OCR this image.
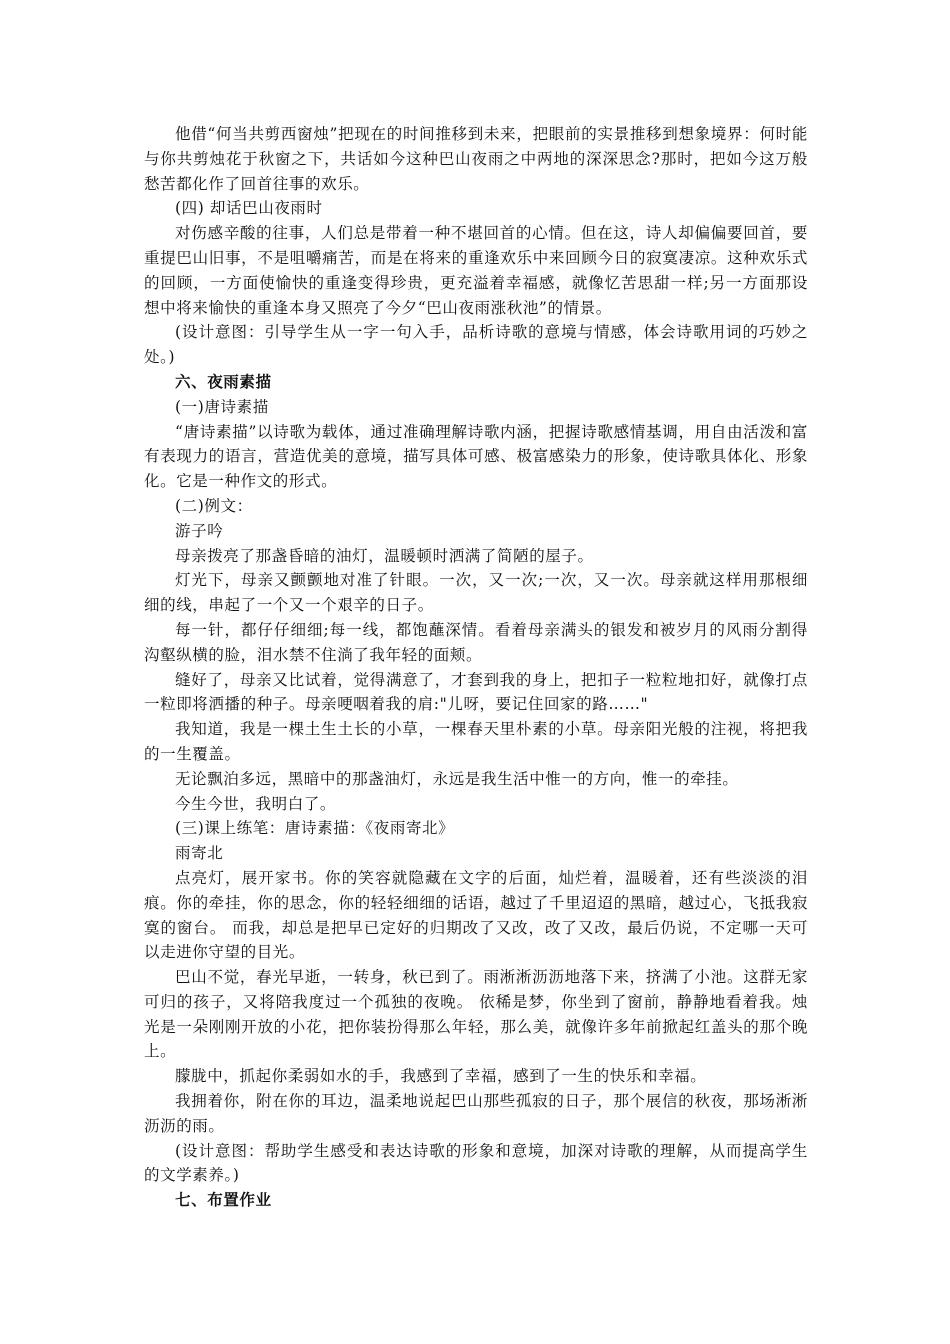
他借“何当共剪西窗烛”把现在的时间推移到未来，把眼前的实景推移到想象境界：何时能与你共剪烛花于秋窗之下，共话如今这种巴山夜雨之中两地的深深思念?那时，把如今这万般愁苦都化作了回首往事的欢乐。

(四) 却话巴山夜雨时

对伤感辛酸的往事，人们总是带着一种不堪回首的心情。但在这，诗人却偏偏要回首，要重提巴山旧事，不是咀嚼痛苦，而是在将来的重逢欢乐中来回顾今日的寂寞凄凉。这种欢乐式的回顾，一方面使愉快的重逢变得珍贵，更充溢着幸福感，就像忆苦思甜一样;另一方面那设想中将来愉快的重逢本身又照亮了今夕“巴山夜雨涨秋池”的情景。

(设计意图：引导学生从一字一句入手，品析诗歌的意境与情感，体会诗歌用词的巧妙之处。)

六、夜雨素描

(一)唐诗素描

“唐诗素描”以诗歌为载体，通过准确理解诗歌内涵，把握诗歌感情基调，用自由活泼和富有表现力的语言，营造优美的意境，描写具体可感、极富感染力的形象，使诗歌具体化、形象化。它是一种作文的形式。

(二)例文：

游子吟

母亲拨亮了那盏昏暗的油灯，温暖顿时洒满了简陋的屋子。

灯光下，母亲又颤颤地对准了针眼。一次，又一次;一次，又一次。母亲就这样用那根细细的线，串起了一个又一个艰辛的日子。

每一针，都仔仔细细;每一线，都饱蘸深情。看着母亲满头的银发和被岁月的风雨分割得沟壑纵横的脸，泪水禁不住淌了我年轻的面颊。

缝好了，母亲又比试着，觉得满意了，才套到我的身上，把扣子一粒粒地扣好，就像打点一粒即将洒播的种子。母亲哽咽着我的肩:"儿呀，要记住回家的路……"

我知道，我是一棵土生土长的小草，一棵春天里朴素的小草。母亲阳光般的注视，将把我的一生覆盖。

无论飘泊多远，黑暗中的那盏油灯，永远是我生活中惟一的方向，惟一的牵挂。

今生今世，我明白了。

(三)课上练笔：唐诗素描：《夜雨寄北》

雨寄北

点亮灯，展开家书。你的笑容就隐藏在文字的后面，灿烂着，温暖着，还有些淡淡的泪痕。你的牵挂，你的思念，你的轻轻细细的话语，越过了千里迢迢的黑暗，越过心，飞抵我寂寞的窗台。 而我，却总是把早已定好的归期改了又改，改了又改，最后仍说，不定哪一天可以走进你守望的目光。

巴山不觉，春光早逝，一转身，秋已到了。雨淅淅沥沥地落下来，挤满了小池。这群无家可归的孩子，又将陪我度过一个孤独的夜晚。 依稀是梦，你坐到了窗前，静静地看着我。烛光是一朵刚刚开放的小花，把你装扮得那么年轻，那么美，就像许多年前掀起红盖头的那个晚上。

朦胧中，抓起你柔弱如水的手，我感到了幸福，感到了一生的快乐和幸福。

我拥着你，附在你的耳边，温柔地说起巴山那些孤寂的日子，那个展信的秋夜，那场淅淅沥沥的雨。

(设计意图：帮助学生感受和表达诗歌的形象和意境，加深对诗歌的理解，从而提高学生的文学素养。)

七、布置作业
